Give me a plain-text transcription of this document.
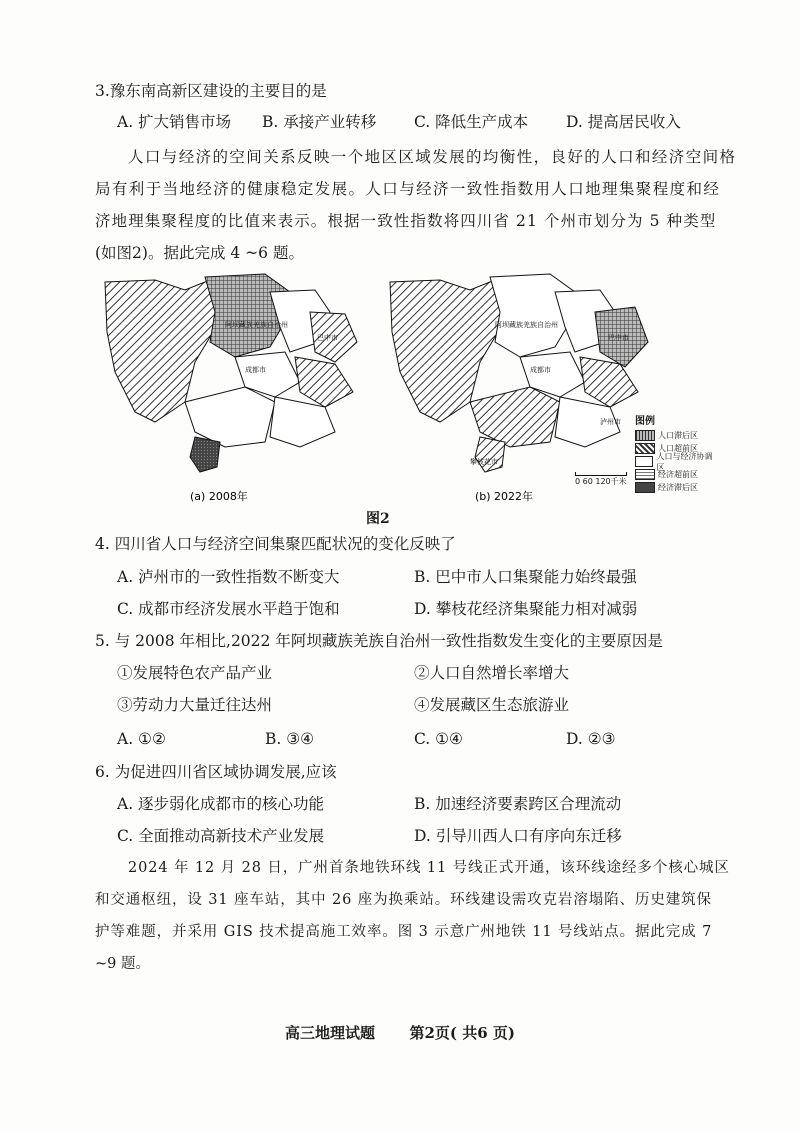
3.豫东南高新区建设的主要目的是
A. 扩大销售市场 B. 承接产业转移 C. 降低生产成本 D. 提高居民收入
人口与经济的空间关系反映一个地区区域发展的均衡性，良好的人口和经济空间格
局有利于当地经济的健康稳定发展。人口与经济一致性指数用人口地理集聚程度和经
济地理集聚程度的比值来表示。根据一致性指数将四川省 21 个州市划分为 5 种类型
(如图2)。据此完成 4 ~6 题。
阿坝藏族羌族自治州
巴中市
成都市
(a) 2008年
阿坝藏族羌族自治州
成都市
巴中市
攀枝花市
泸州市
(b) 2022年
0 60 120千米
图例
人口滞后区
人口超前区
人口与经济协调区
经济超前区
经济滞后区
图2
4. 四川省人口与经济空间集聚匹配状况的变化反映了
A. 泸州市的一致性指数不断变大	B. 巴中市人口集聚能力始终最强
C. 成都市经济发展水平趋于饱和	D. 攀枝花经济集聚能力相对减弱
5. 与 2008 年相比,2022 年阿坝藏族羌族自治州一致性指数发生变化的主要原因是
①发展特色农产品产业	②人口自然增长率增大
③劳动力大量迁往达州	④发展藏区生态旅游业
A. ①②	B. ③④	C. ①④	D. ②③
6. 为促进四川省区域协调发展,应该
A. 逐步弱化成都市的核心功能	B. 加速经济要素跨区合理流动
C. 全面推动高新技术产业发展	D. 引导川西人口有序向东迁移
2024 年 12 月 28 日，广州首条地铁环线 11 号线正式开通，该环线途经多个核心城区
和交通枢纽，设 31 座车站，其中 26 座为换乘站。环线建设需攻克岩溶塌陷、历史建筑保
护等难题，并采用 GIS 技术提高施工效率。图 3 示意广州地铁 11 号线站点。据此完成 7
~9 题。
高三地理试题 第2页( 共6 页)
